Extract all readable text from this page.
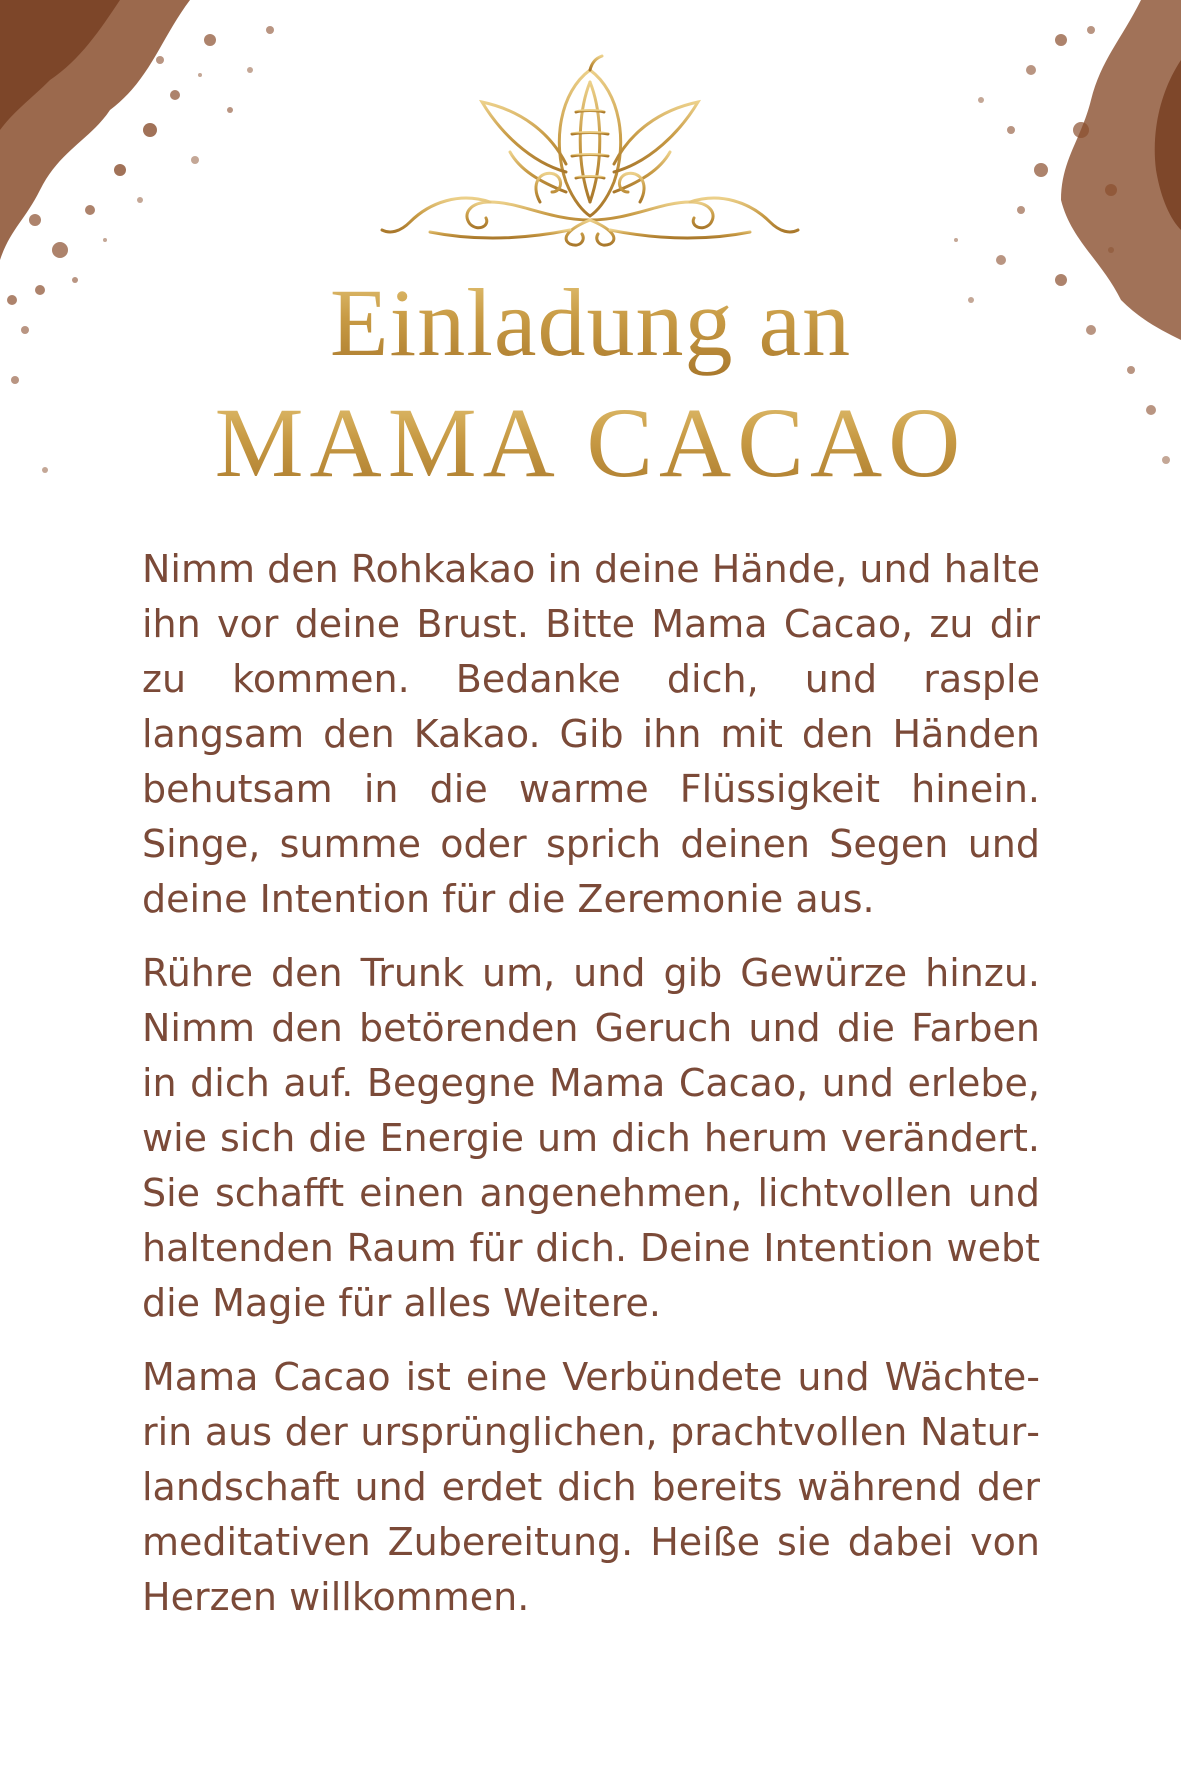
Einladung an
MAMA CACAO

Nimm den Rohkakao in deine Hände, und halte ihn vor deine Brust. Bitte Mama Cacao, zu dir zu kommen. Bedanke dich, und rasple langsam den Kakao. Gib ihn mit den Händen behutsam in die warme Flüssigkeit hinein. Singe, summe oder sprich deinen Segen und deine Intention für die Zeremonie aus.

Rühre den Trunk um, und gib Gewürze hinzu. Nimm den betörenden Geruch und die Farben in dich auf. Begegne Mama Cacao, und erlebe, wie sich die Energie um dich herum verändert. Sie schafft einen angenehmen, lichtvollen und haltenden Raum für dich. Deine Intention webt die Magie für alles Weitere.

Mama Cacao ist eine Verbündete und Wächterin aus der ursprünglichen, prachtvollen Naturlandschaft und erdet dich bereits während der meditativen Zubereitung. Heiße sie dabei von Herzen willkommen.
